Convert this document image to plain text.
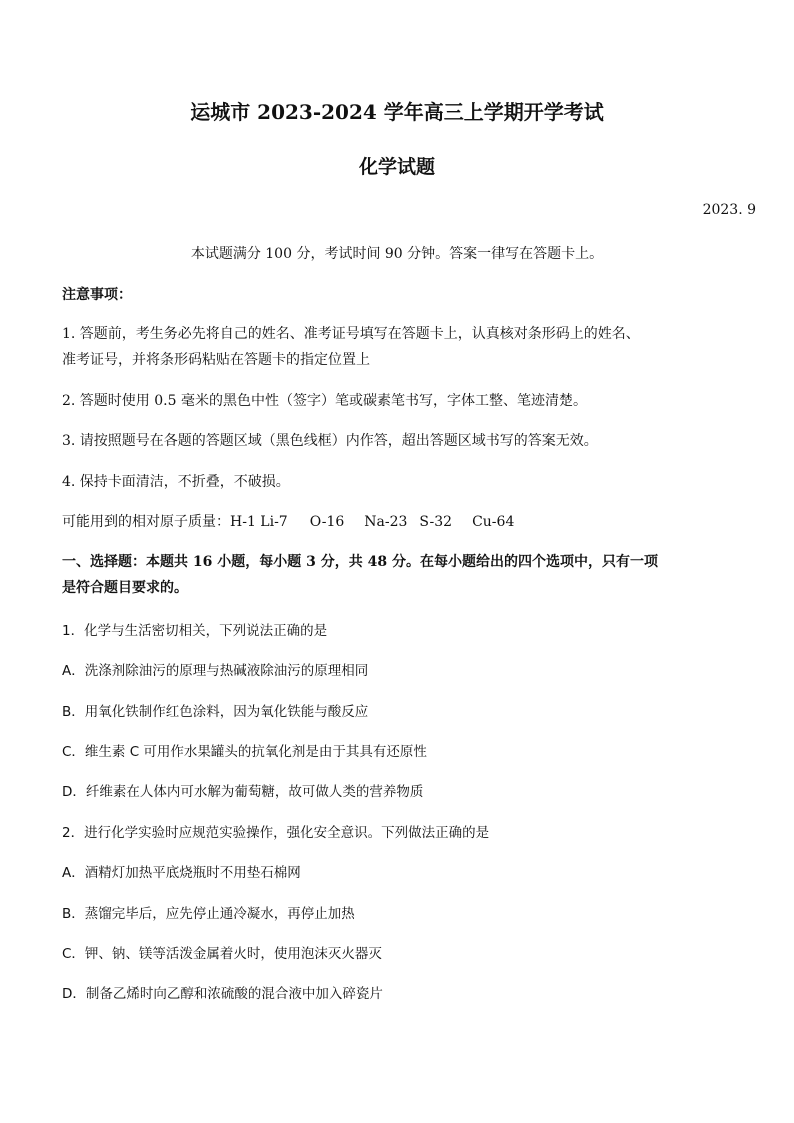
运城市 2023-2024 学年高三上学期开学考试
化学试题
2023. 9
本试题满分 100 分，考试时间 90 分钟。答案一律写在答题卡上。
注意事项：
1. 答题前，考生务必先将自己的姓名、准考证号填写在答题卡上，认真核对条形码上的姓名、
准考证号，并将条形码粘贴在答题卡的指定位置上
2. 答题时使用 0.5 毫米的黑色中性（签字）笔或碳素笔书写，字体工整、笔迹清楚。
3. 请按照题号在各题的答题区域（黑色线框）内作答，超出答题区域书写的答案无效。
4. 保持卡面清洁，不折叠，不破损。
可能用到的相对原子质量：H-1 Li-7 O-16 Na-23 S-32 Cu-64
一、选择题：本题共 16 小题，每小题 3 分，共 48 分。在每小题给出的四个选项中，只有一项
是符合题目要求的。
1．化学与生活密切相关，下列说法正确的是
A．洗涤剂除油污的原理与热碱液除油污的原理相同
B．用氧化铁制作红色涂料，因为氧化铁能与酸反应
C．维生素 C 可用作水果罐头的抗氧化剂是由于其具有还原性
D．纤维素在人体内可水解为葡萄糖，故可做人类的营养物质
2．进行化学实验时应规范实验操作，强化安全意识。下列做法正确的是
A．酒精灯加热平底烧瓶时不用垫石棉网
B．蒸馏完毕后，应先停止通冷凝水，再停止加热
C．钾、钠、镁等活泼金属着火时，使用泡沫灭火器灭
D．制备乙烯时向乙醇和浓硫酸的混合液中加入碎瓷片
